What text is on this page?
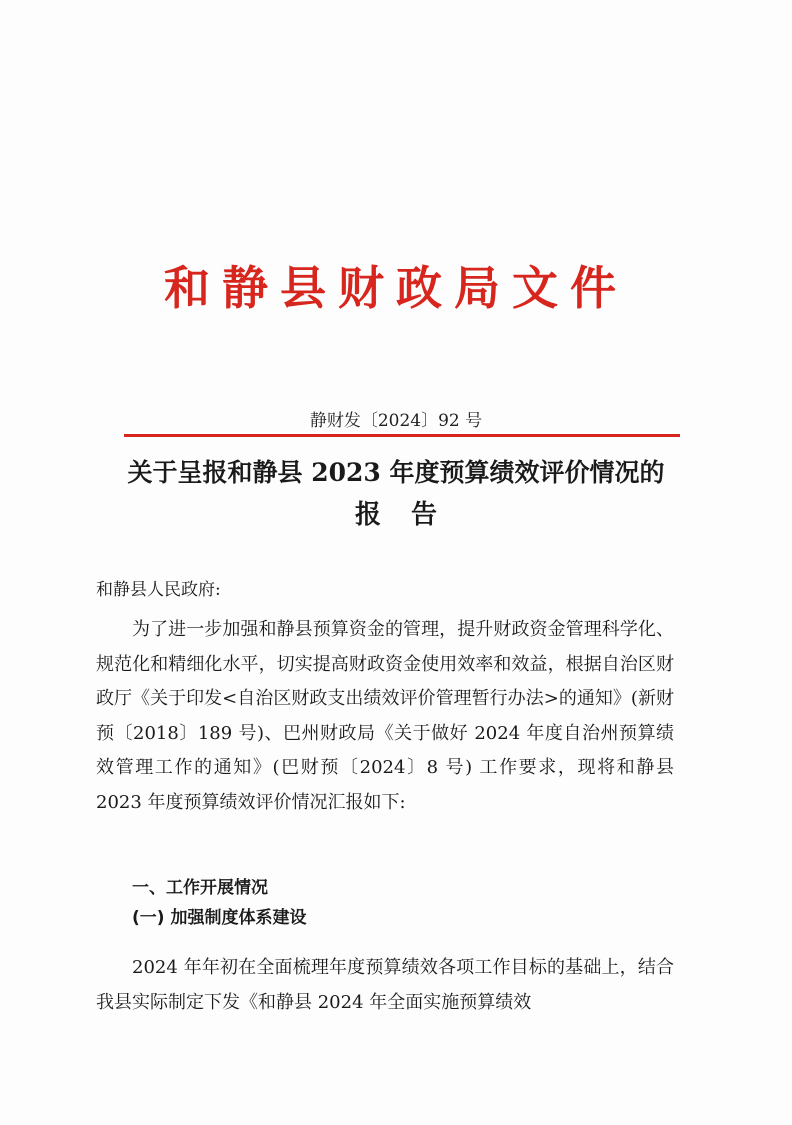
和静县财政局文件
静财发〔2024〕92 号
关于呈报和静县 2023 年度预算绩效评价情况的
报告
和静县人民政府:

为了进一步加强和静县预算资金的管理，提升财政资金管理科学化、规范化和精细化水平，切实提高财政资金使用效率和效益，根据自治区财政厅《关于印发<自治区财政支出绩效评价管理暂行办法>的通知》(新财预〔2018〕189 号)、巴州财政局《关于做好 2024 年度自治州预算绩效管理工作的通知》(巴财预〔2024〕8 号) 工作要求，现将和静县 2023 年度预算绩效评价情况汇报如下:

一、工作开展情况
(一) 加强制度体系建设

2024 年年初在全面梳理年度预算绩效各项工作目标的基础上，结合我县实际制定下发《和静县 2024 年全面实施预算绩效
